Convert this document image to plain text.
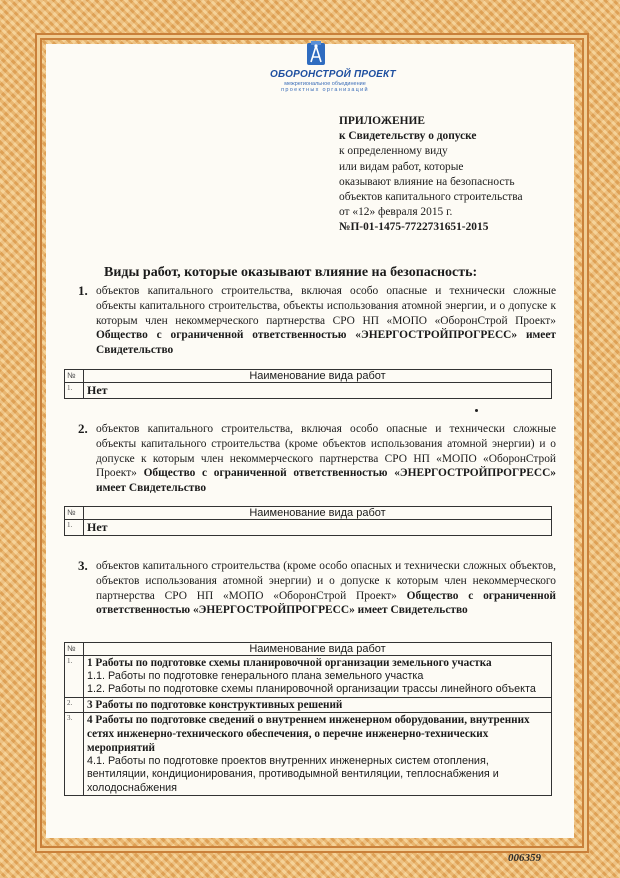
ОБОРОНСТРОЙ ПРОЕКТ
межрегиональное объединение
проектных организаций
ПРИЛОЖЕНИЕ
к Свидетельству о допуске
к определенному виду
или видам работ, которые
оказывают влияние на безопасность
объектов капитального строительства
от «12» февраля 2015 г.
№П-01-1475-7722731651-2015
Виды работ, которые оказывают влияние на безопасность:
1. объектов капитального строительства, включая особо опасные и технически сложные объекты капитального строительства, объекты использования атомной энергии, и о допуске к которым член некоммерческого партнерства СРО НП «МОПО «ОборонСтрой Проект» Общество с ограниченной ответственностью «ЭНЕРГОСТРОЙПРОГРЕСС» имеет Свидетельство
№	Наименование вида работ
1.	Нет
2. объектов капитального строительства, включая особо опасные и технически сложные объекты капитального строительства (кроме объектов использования атомной энергии) и о допуске к которым член некоммерческого партнерства СРО НП «МОПО «ОборонСтрой Проект» Общество с ограниченной ответственностью «ЭНЕРГОСТРОЙПРОГРЕСС» имеет Свидетельство
№	Наименование вида работ
1.	Нет
3. объектов капитального строительства (кроме особо опасных и технически сложных объектов, объектов использования атомной энергии) и о допуске к которым член некоммерческого партнерства СРО НП «МОПО «ОборонСтрой Проект» Общество с ограниченной ответственностью «ЭНЕРГОСТРОЙПРОГРЕСС» имеет Свидетельство
№	Наименование вида работ
1.	1 Работы по подготовке схемы планировочной организации земельного участка
1.1. Работы по подготовке генерального плана земельного участка
1.2. Работы по подготовке схемы планировочной организации трассы линейного объекта

2.	3 Работы по подготовке конструктивных решений

3.	4 Работы по подготовке сведений о внутреннем инженерном оборудовании, внутренних сетях инженерно-технического обеспечения, о перечне инженерно-технических мероприятий
4.1. Работы по подготовке проектов внутренних инженерных систем отопления, вентиляции, кондиционирования, противодымной вентиляции, теплоснабжения и холодоснабжения
006359
